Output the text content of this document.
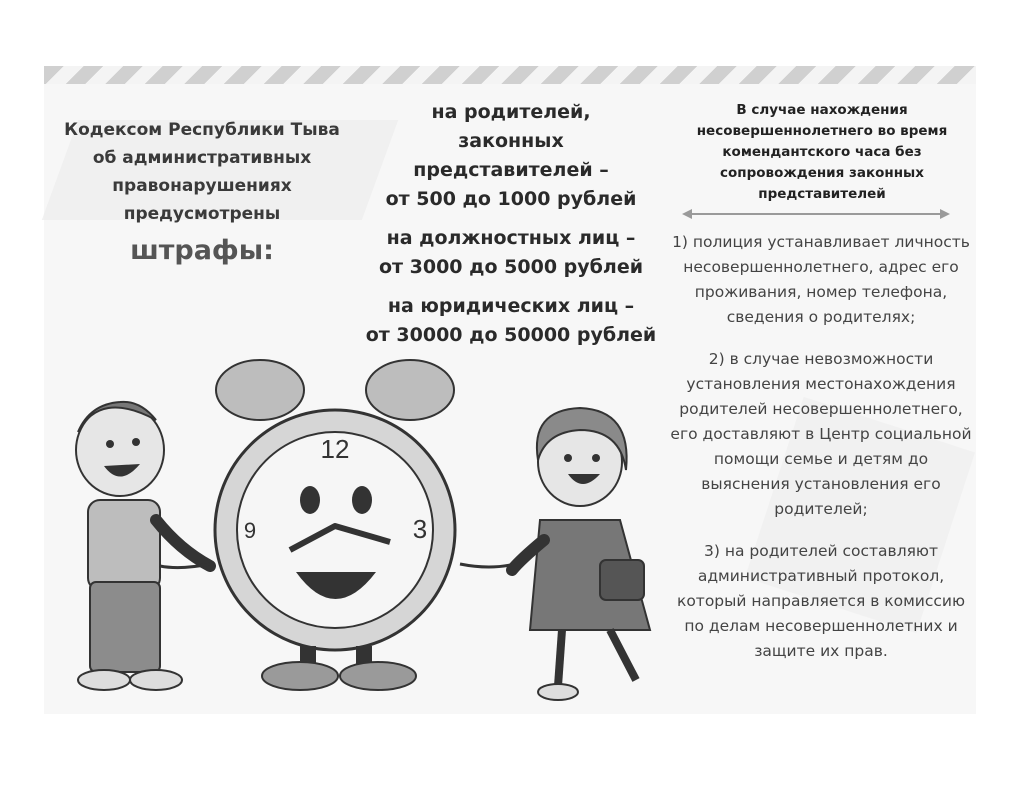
Кодексом Республики Тыва
об административных
правонарушениях
предусмотрены
штрафы:
на родителей,
законных
представителей –
от 500 до 1000 рублей
на должностных лиц –
от 3000 до 5000 рублей
на юридических лиц –
от 30000 до 50000 рублей
В случае нахождения
несовершеннолетнего во время
комендантского часа без
сопровождения законных
представителей
1) полиция устанавливает личность
несовершеннолетнего, адрес его
проживания, номер телефона,
сведения о родителях;
2) в случае невозможности
установления местонахождения
родителей несовершеннолетнего,
его доставляют в Центр социальной
помощи семье и детям до
выяснения установления его
родителей;
3) на родителей составляют
административный протокол,
который направляется в комиссию
по делам несовершеннолетних и
защите их прав.
12
3
9
